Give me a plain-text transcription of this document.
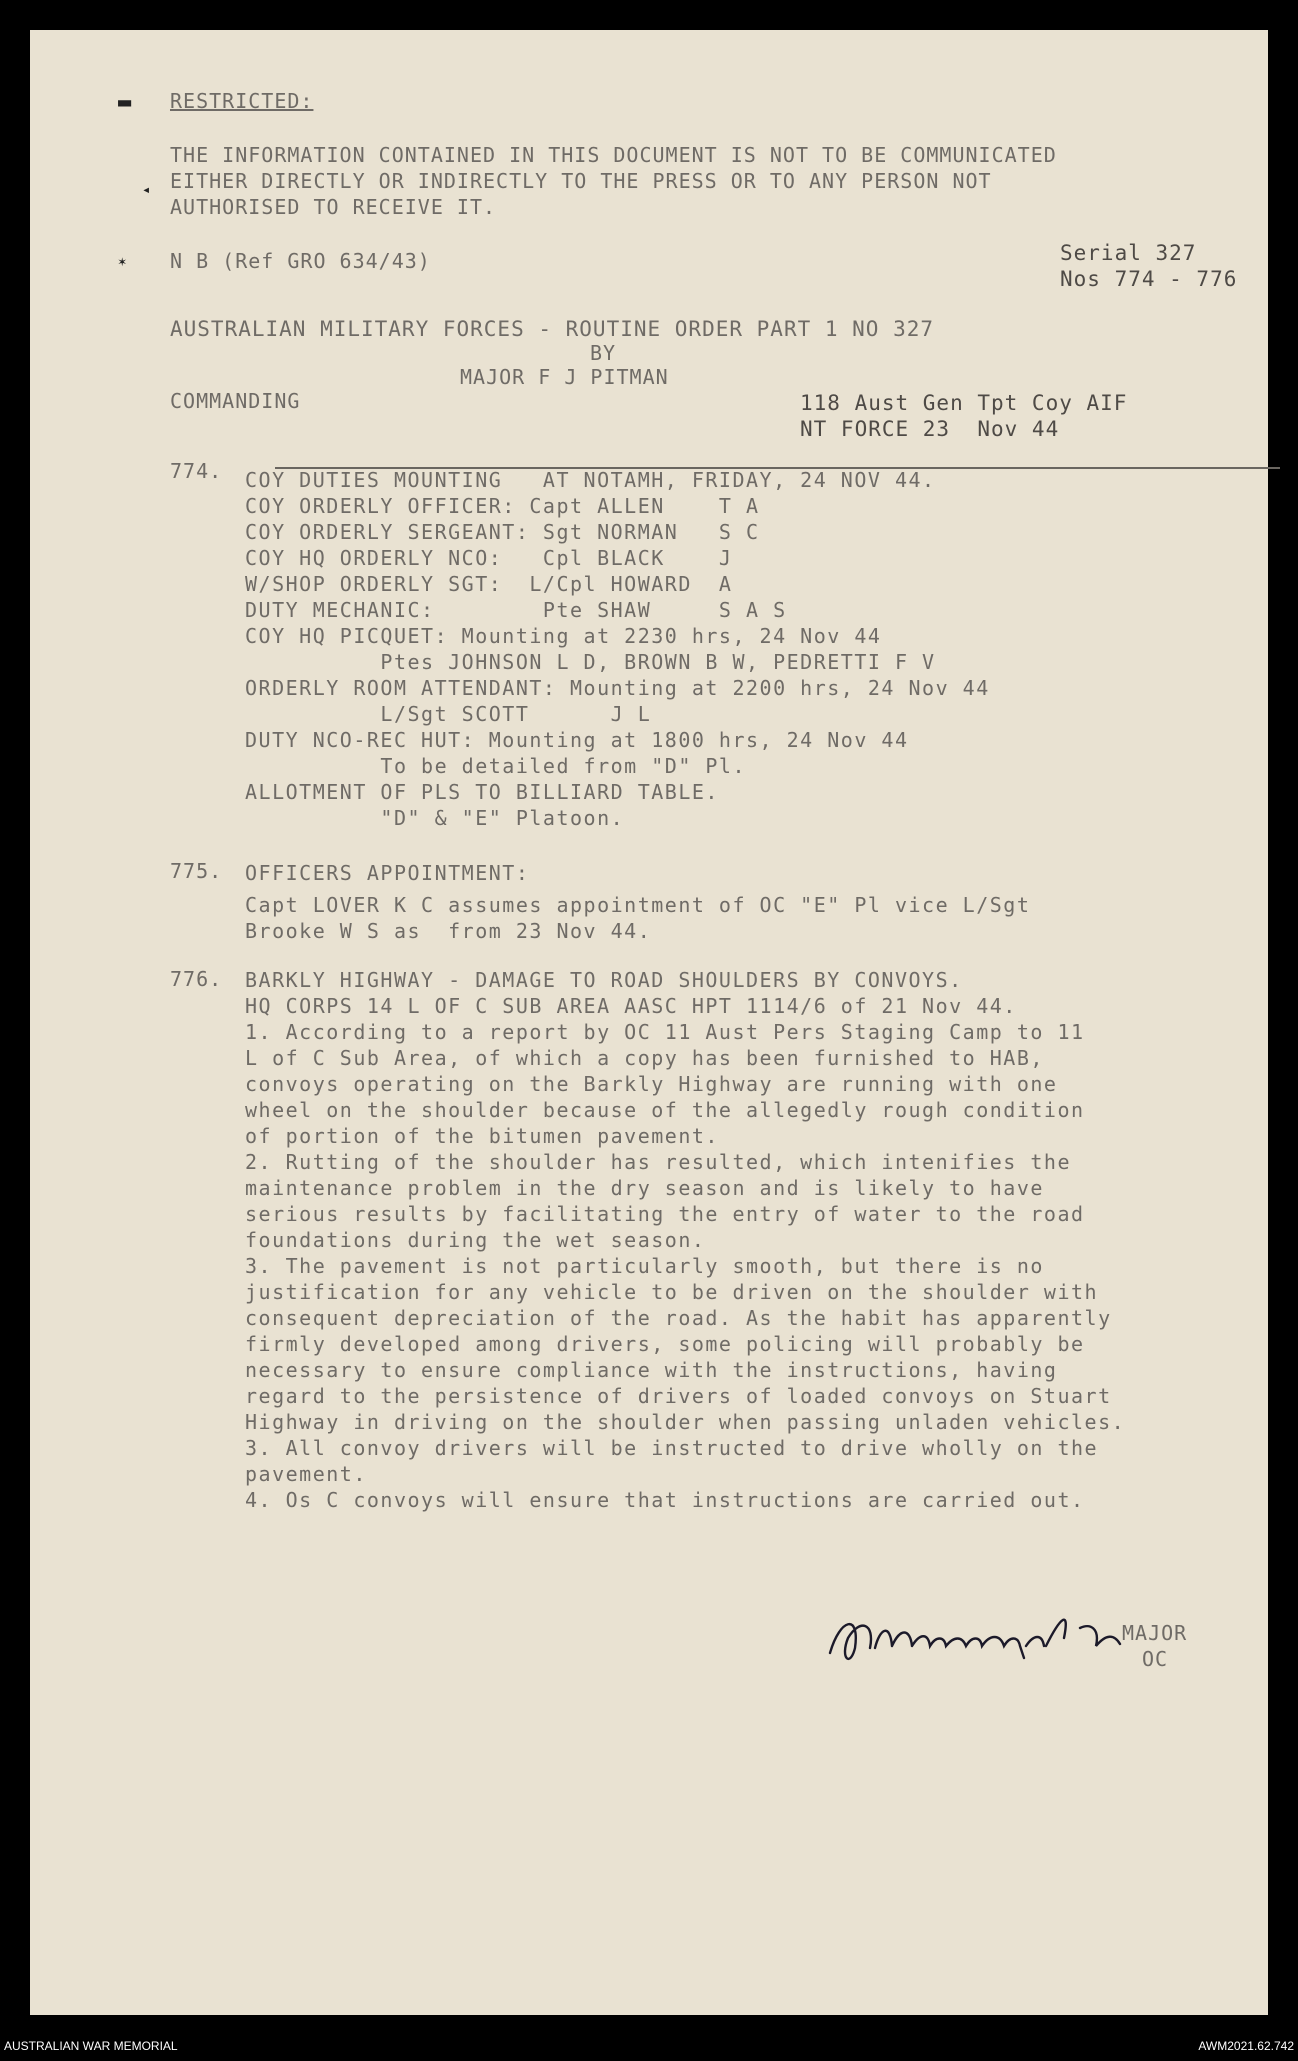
▬
◂
✶
RESTRICTED:
THE INFORMATION CONTAINED IN THIS DOCUMENT IS NOT TO BE COMMUNICATED
EITHER DIRECTLY OR INDIRECTLY TO THE PRESS OR TO ANY PERSON NOT
AUTHORISED TO RECEIVE IT.
N B (Ref GRO 634/43)	Serial 327
Nos 774 - 776
AUSTRALIAN MILITARY FORCES - ROUTINE ORDER PART 1 NO 327
BY
MAJOR F J PITMAN
COMMANDING	118 Aust Gen Tpt Coy AIF
NT FORCE 23  Nov 44
774. COY DUTIES MOUNTING   AT NOTAMH, FRIDAY, 24 NOV 44.
COY ORDERLY OFFICER: Capt ALLEN    T A
COY ORDERLY SERGEANT: Sgt NORMAN   S C
COY HQ ORDERLY NCO:   Cpl BLACK    J
W/SHOP ORDERLY SGT:  L/Cpl HOWARD  A
DUTY MECHANIC:        Pte SHAW     S A S
COY HQ PICQUET: Mounting at 2230 hrs, 24 Nov 44
Ptes JOHNSON L D, BROWN B W, PEDRETTI F V
ORDERLY ROOM ATTENDANT: Mounting at 2200 hrs, 24 Nov 44
L/Sgt SCOTT      J L
DUTY NCO-REC HUT: Mounting at 1800 hrs, 24 Nov 44
To be detailed from "D" Pl.
ALLOTMENT OF PLS TO BILLIARD TABLE.
"D" & "E" Platoon.
775. OFFICERS APPOINTMENT:
Capt LOVER K C assumes appointment of OC "E" Pl vice L/Sgt
Brooke W S as  from 23 Nov 44.
776. BARKLY HIGHWAY - DAMAGE TO ROAD SHOULDERS BY CONVOYS.
HQ CORPS 14 L OF C SUB AREA AASC HPT 1114/6 of 21 Nov 44.
1. According to a report by OC 11 Aust Pers Staging Camp to 11
L of C Sub Area, of which a copy has been furnished to HAB,
convoys operating on the Barkly Highway are running with one
wheel on the shoulder because of the allegedly rough condition
of portion of the bitumen pavement.
2. Rutting of the shoulder has resulted, which intenifies the
maintenance problem in the dry season and is likely to have
serious results by facilitating the entry of water to the road
foundations during the wet season.
3. The pavement is not particularly smooth, but there is no
justification for any vehicle to be driven on the shoulder with
consequent depreciation of the road. As the habit has apparently
firmly developed among drivers, some policing will probably be
necessary to ensure compliance with the instructions, having
regard to the persistence of drivers of loaded convoys on Stuart
Highway in driving on the shoulder when passing unladen vehicles.
3. All convoy drivers will be instructed to drive wholly on the
pavement.
4. Os C convoys will ensure that instructions are carried out.
MAJOR
OC
AUSTRALIAN WAR MEMORIAL	AWM2021.62.742
